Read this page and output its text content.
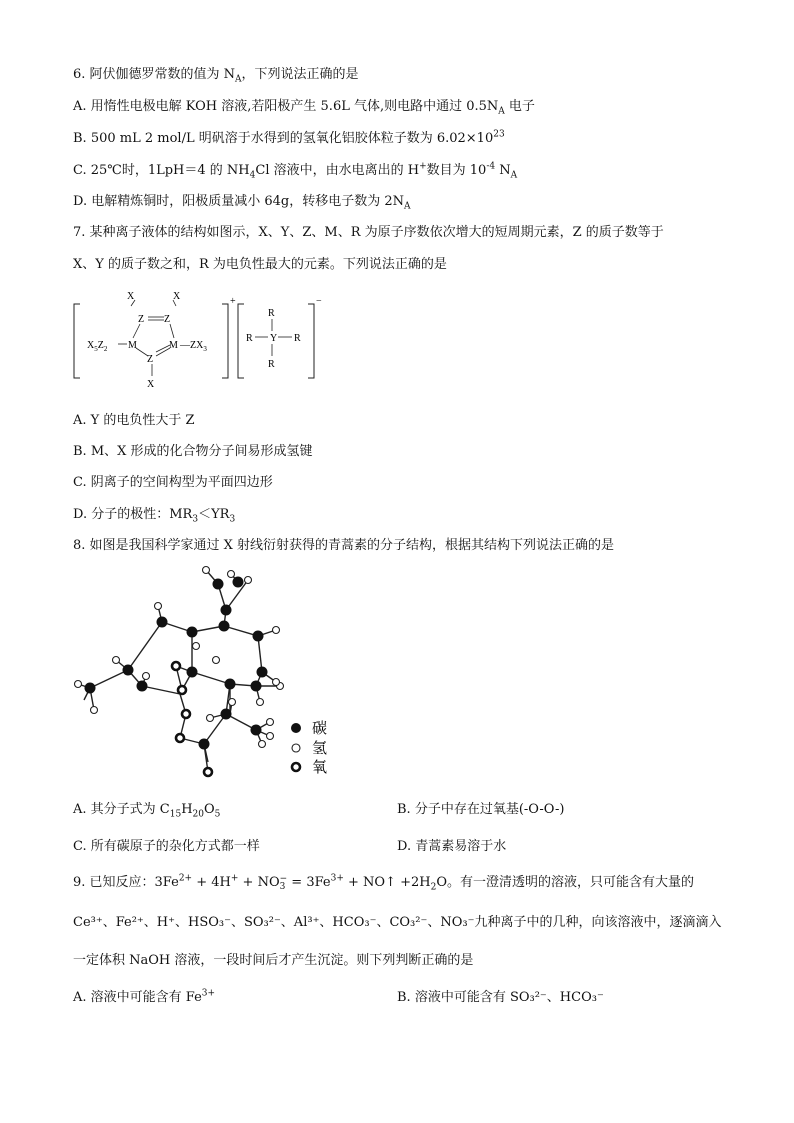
6. 阿伏伽德罗常数的值为 $N_A$，下列说法正确的是
A. 用惰性电极电解 KOH 溶液,若阳极产生 5.6L 气体,则电路中通过 $0.5N_A$ 电子
B. 500 mL 2 mol/L 明矾溶于水得到的氢氧化铝胶体粒子数为 $6.02\times 10^{23}$
C. 25℃时，1LpH＝4 的 $NH_4Cl$ 溶液中，由水电离出的 H+数目为 $10^{-4}$ $N_A$
D. 电解精炼铜时，阳极质量减小 64g，转移电子数为 $2N_A$
7. 某种离子液体的结构如图示，X、Y、Z、M、R 为原子序数依次增大的短周期元素，Z 的质子数等于
X、Y 的质子数之和，R 为电负性最大的元素。下列说法正确的是
+	−
X	X
Z Z
M	M
Z
X
$X_5Z_2$	$—ZX_3$
R
R Y R
R
A. Y 的电负性大于 Z
B. M、X 形成的化合物分子间易形成氢键
C. 阴离子的空间构型为平面四边形
D. 分子的极性：$MR_3<YR_3$
8. 如图是我国科学家通过 X 射线衍射获得的青蒿素的分子结构，根据其结构下列说法正确的是
碳
氢
氧
A. 其分子式为 $C_{15}H_{20}O_5$	B. 分子中存在过氧基(-O-O-)
C. 所有碳原子的杂化方式都一样	D. 青蒿素易溶于水
9. 已知反应：$3Fe^{2+} + 4H^+$ + NO −
$3 = 3Fe^{3+}$ + NO↑ $+2H_2O$。有一澄清透明的溶液，只可能含有大量的
Ce³⁺、Fe²⁺、H⁺、HSO₃⁻、SO₃²⁻、Al³⁺、HCO₃⁻、CO₃²⁻、NO₃⁻九种离子中的几种，向该溶液中，逐滴滴入
一定体积 NaOH 溶液，一段时间后才产生沉淀。则下列判断正确的是
A. 溶液中可能含有 $Fe^{3+}$	B. 溶液中可能含有 SO₃²⁻、HCO₃⁻
